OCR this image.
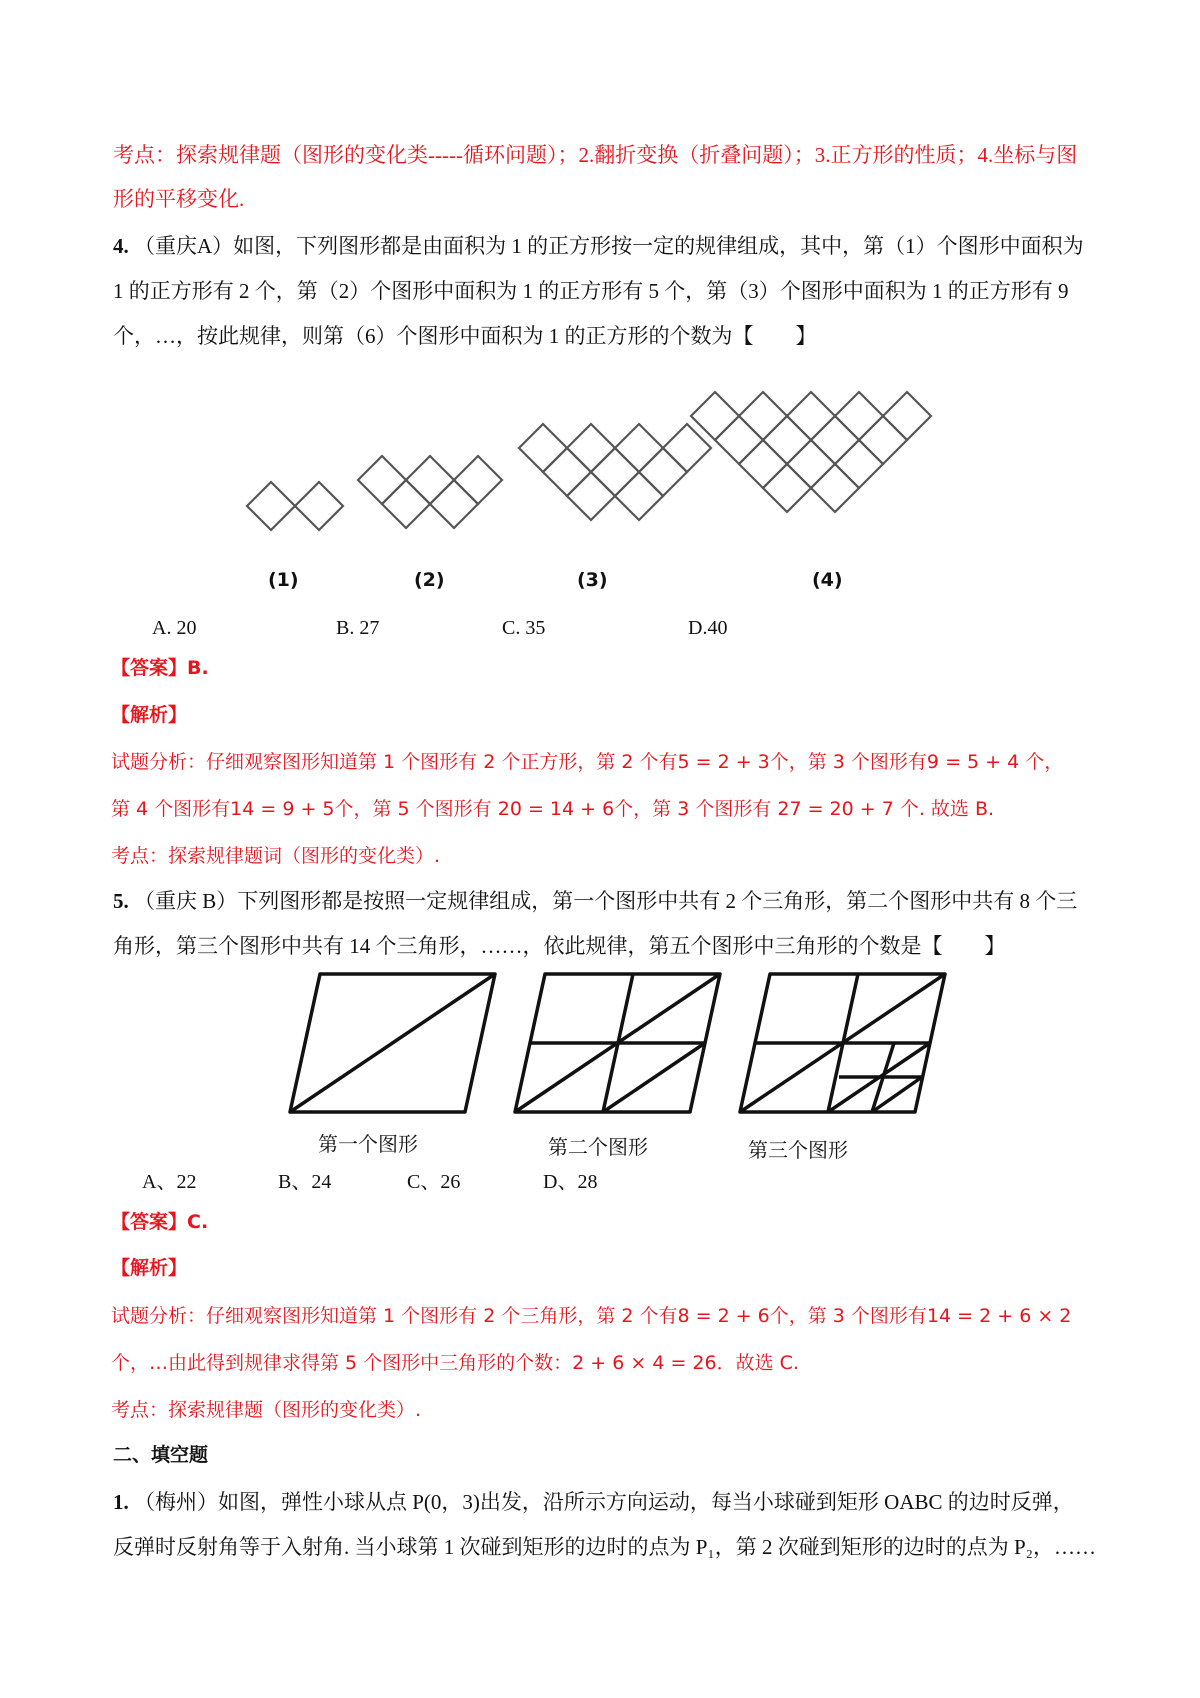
考点：探索规律题（图形的变化类-----循环问题）；2.翻折变换（折叠问题）；3.正方形的性质；4.坐标与图
形的平移变化.
4. （重庆A）如图，下列图形都是由面积为 1 的正方形按一定的规律组成，其中，第（1）个图形中面积为
1 的正方形有 2 个，第（2）个图形中面积为 1 的正方形有 5 个，第（3）个图形中面积为 1 的正方形有 9
个，…，按此规律，则第（6）个图形中面积为 1 的正方形的个数为【　　】
(1)	(2)	(3)	(4)
A. 20	B. 27	C. 35	D.40
【答案】B.
【解析】
试题分析：仔细观察图形知道第 1 个图形有 2 个正方形，第 2 个有5 = 2 + 3个，第 3 个图形有9 = 5 + 4 个，
第 4 个图形有14 = 9 + 5个，第 5 个图形有 20 = 14 + 6个，第 3 个图形有 27 = 20 + 7 个. 故选 B.
考点：探索规律题词（图形的变化类）.
5. （重庆 B）下列图形都是按照一定规律组成，第一个图形中共有 2 个三角形，第二个图形中共有 8 个三
角形，第三个图形中共有 14 个三角形，……，依此规律，第五个图形中三角形的个数是【　　】
第一个图形	第二个图形	第三个图形
A、22	B、24	C、26	D、28
【答案】C.
【解析】
试题分析：仔细观察图形知道第 1 个图形有 2 个三角形，第 2 个有8 = 2 + 6个，第 3 个图形有14 = 2 + 6 × 2
个，…由此得到规律求得第 5 个图形中三角形的个数：2 + 6 × 4 = 26．故选 C.
考点：探索规律题（图形的变化类）.
二、填空题
1. （梅州）如图，弹性小球从点 P(0，3)出发，沿所示方向运动，每当小球碰到矩形 OABC 的边时反弹，
反弹时反射角等于入射角. 当小球第 1 次碰到矩形的边时的点为 P₁，第 2 次碰到矩形的边时的点为 P₂，……
